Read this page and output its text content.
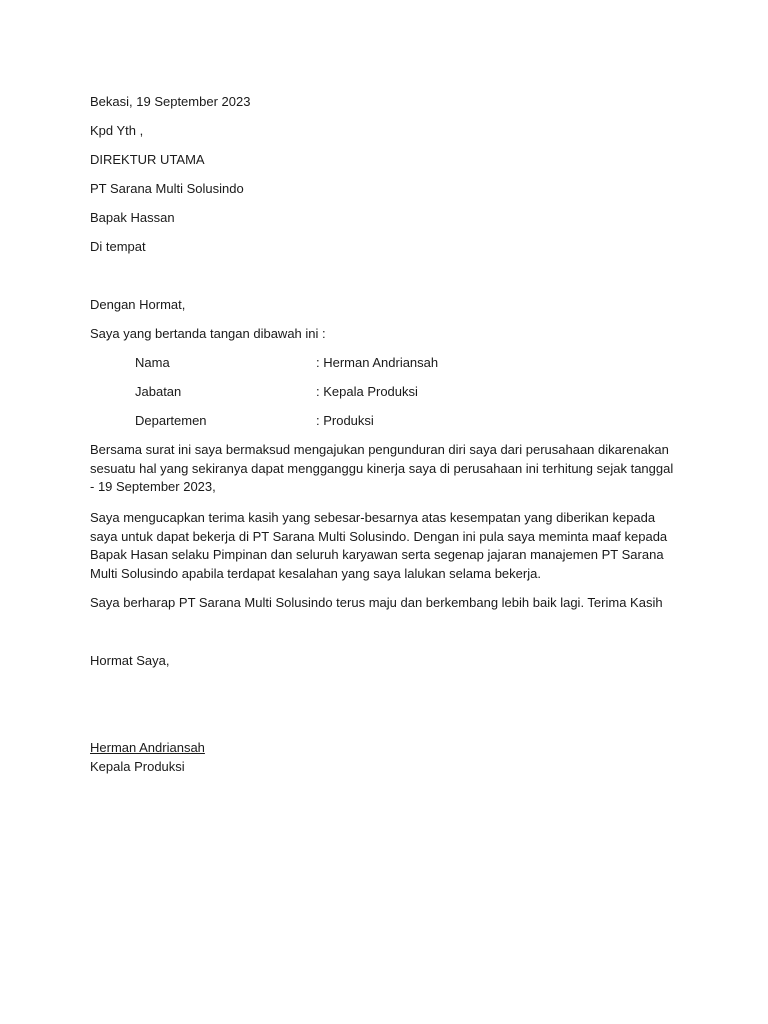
Bekasi, 19 September 2023
Kpd Yth ,
DIREKTUR UTAMA
PT Sarana Multi Solusindo
Bapak Hassan
Di tempat
Dengan Hormat,
Saya yang bertanda tangan dibawah ini :
Nama	: Herman Andriansah
Jabatan	: Kepala Produksi
Departemen	: Produksi
Bersama surat ini saya bermaksud mengajukan pengunduran diri saya dari perusahaan dikarenakan sesuatu hal yang sekiranya dapat mengganggu kinerja saya di perusahaan ini terhitung sejak tanggal - 19 September 2023,
Saya mengucapkan terima kasih yang sebesar-besarnya atas kesempatan yang diberikan kepada saya untuk dapat bekerja di PT Sarana Multi Solusindo. Dengan ini pula saya meminta maaf kepada Bapak Hasan selaku Pimpinan dan seluruh karyawan serta segenap jajaran manajemen PT Sarana Multi Solusindo apabila terdapat kesalahan yang saya lalukan selama bekerja.
Saya berharap PT Sarana Multi Solusindo terus maju dan berkembang lebih baik lagi. Terima Kasih
Hormat Saya,
Herman Andriansah
Kepala Produksi
